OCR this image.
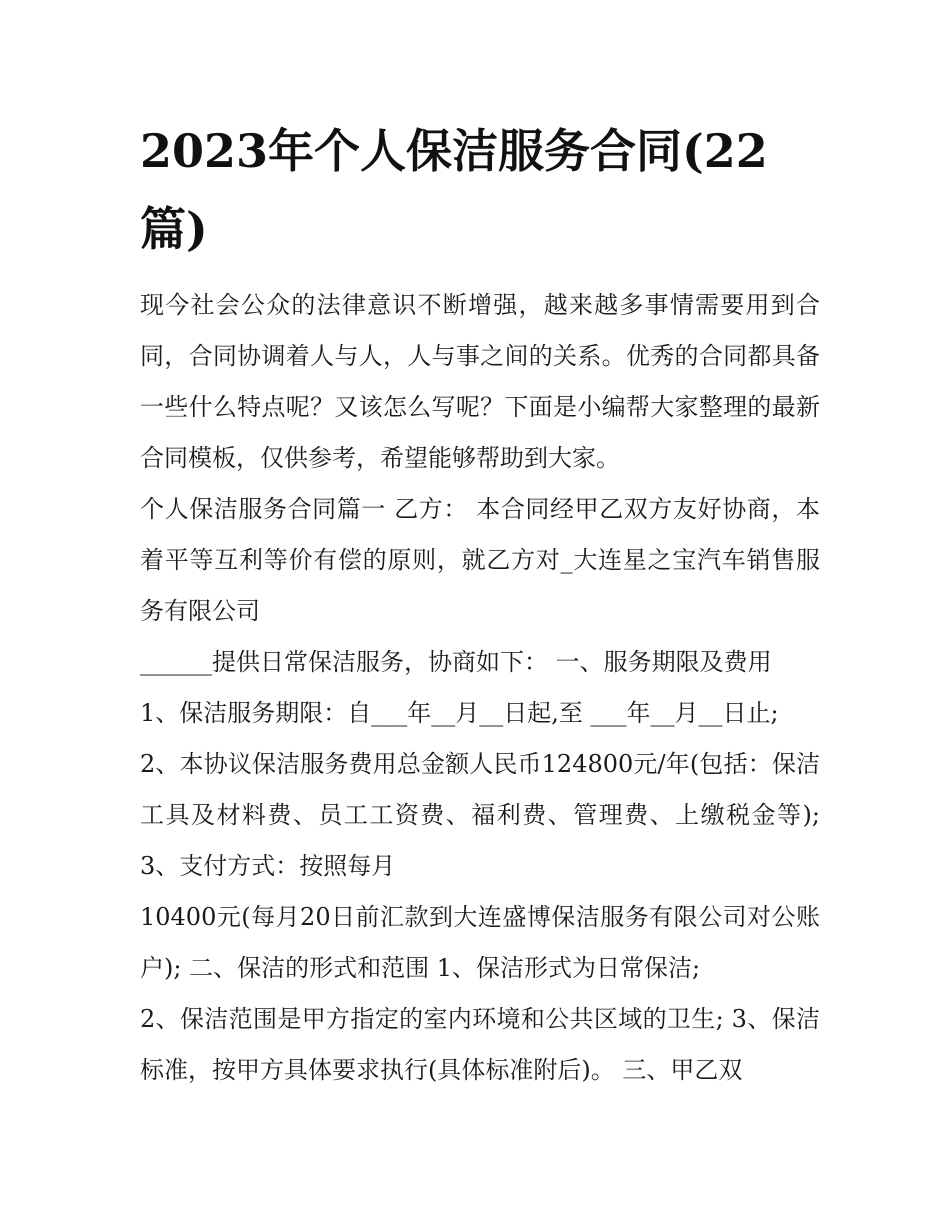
2023年个人保洁服务合同(22篇)

现今社会公众的法律意识不断增强，越来越多事情需要用到合同，合同协调着人与人，人与事之间的关系。优秀的合同都具备一些什么特点呢？又该怎么写呢？下面是小编帮大家整理的最新合同模板，仅供参考，希望能够帮助到大家。

个人保洁服务合同篇一 乙方： 本合同经甲乙双方友好协商，本着平等互利等价有偿的原则，就乙方对_大连星之宝汽车销售服务有限公司

______提供日常保洁服务，协商如下： 一、服务期限及费用

1、保洁服务期限：自___年__月__日起,至 ___年__月__日止;

2、本协议保洁服务费用总金额人民币124800元/年(包括：保洁工具及材料费、员工工资费、福利费、管理费、上缴税金等); 3、支付方式：按照每月

10400元(每月20日前汇款到大连盛博保洁服务有限公司对公账户); 二、保洁的形式和范围 1、保洁形式为日常保洁;

2、保洁范围是甲方指定的室内环境和公共区域的卫生; 3、保洁标准，按甲方具体要求执行(具体标准附后)。 三、甲乙双
